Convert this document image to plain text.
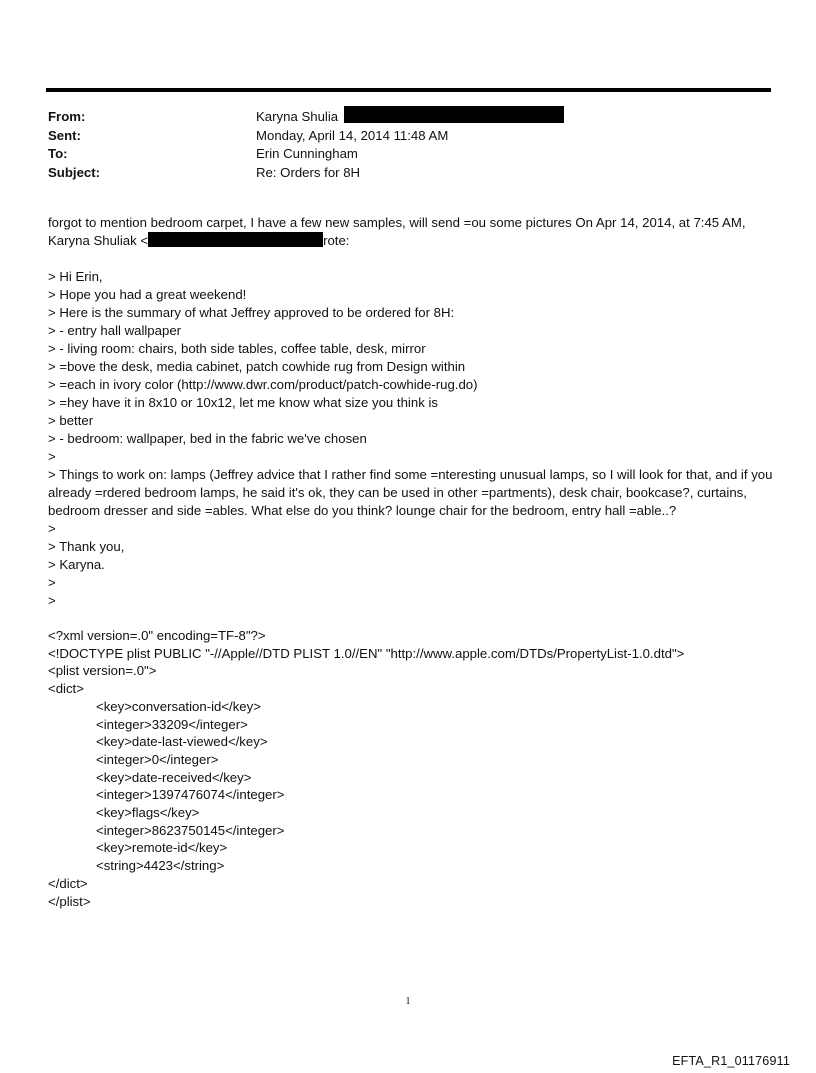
From:	Karyna Shulia
Sent:	Monday, April 14, 2014 11:48 AM
To:	Erin Cunningham
Subject:	Re: Orders for 8H

forgot to mention bedroom carpet, I have a few new samples, will send =ou some pictures On Apr 14, 2014, at 7:45 AM,

Karyna Shuliak <	rote:

> Hi Erin,

> Hope you had a great weekend!

> Here is the summary of what Jeffrey approved to be ordered for 8H:

> - entry hall wallpaper

> - living room: chairs, both side tables, coffee table, desk, mirror

> =bove the desk, media cabinet, patch cowhide rug from Design within

> =each in ivory color (http://www.dwr.com/product/patch-cowhide-rug.do)

> =hey have it in 8x10 or 10x12, let me know what size you think is

> better

> - bedroom: wallpaper, bed in the fabric we've chosen

>

> Things to work on: lamps (Jeffrey advice that I rather find some =nteresting unusual lamps, so I will look for that, and if you already =rdered bedroom lamps, he said it's ok, they can be used in other =partments), desk chair, bookcase?, curtains, bedroom dresser and side =ables. What else do you think? lounge chair for the bedroom, entry hall =able..?

>

> Thank you,

> Karyna.

>

>

<?xml version=.0" encoding=TF-8"?>

<!DOCTYPE plist PUBLIC "-//Apple//DTD PLIST 1.0//EN" "http://www.apple.com/DTDs/PropertyList-1.0.dtd">

<plist version=.0">

<dict>

<key>conversation-id</key>

<integer>33209</integer>

<key>date-last-viewed</key>

<integer>0</integer>

<key>date-received</key>

<integer>1397476074</integer>

<key>flags</key>

<integer>8623750145</integer>

<key>remote-id</key>

<string>4423</string>

</dict>

</plist>

1
EFTA_R1_01176911
